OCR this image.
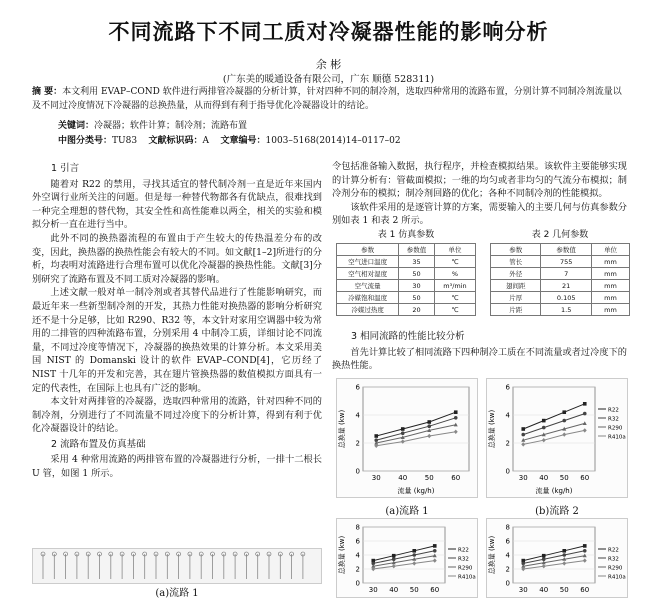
不同流路下不同工质对冷凝器性能的影响分析
余 彬
(广东美的暖通设备有限公司，广东 顺德 528311)
摘 要：本文利用 EVAP–COND 软件进行两排管冷凝器的分析计算，针对四种不同的制冷剂，选取四种常用的流路布置，分别计算不同制冷剂流量以及不同过冷度情况下冷凝器的总换热量，从而得到有利于指导优化冷凝器设计的结论。
关键词：冷凝器；软件计算；制冷剂；流路布置
中图分类号：TU83 文献标识码：A 文章编号：1003–5168(2014)14–0117–02
1 引言

随着对 R22 的禁用，寻找其适宜的替代制冷剂一直是近年来国内外空调行业所关注的问题。但是每一种替代物都各有优缺点，很难找到一种完全理想的替代物，其安全性和高性能难以两全，相关的实验和模拟分析一直在进行当中。

此外不同的换热器流程的布置由于产生较大的传热温差分布的改变，因此，换热器的换热性能会有较大的不同。如文献[1–2]所进行的分析，均表明对流路进行合理布置可以优化冷凝器的换热性能。文献[3]分别研究了流路布置及不同工质对冷凝器的影响。

上述文献一般对单一制冷剂或者其替代品进行了性能影响研究，而最近年来一些新型制冷剂的开发，其热力性能对换热器的影响分析研究还不是十分足够，比如 R290、R32 等，本文针对家用空调器中较为常用的二排管的四种流路布置，分别采用 4 中制冷工质，详细讨论不同流量，不同过冷度等情况下，冷凝器的换热效果的计算分析。本文采用美国 NIST 的 Domanski 设计的软件 EVAP–COND[4]，它历经了 NIST 十几年的开发和完善，其在翅片管换热器的数值模拟方面具有一定的代表性，在国际上也具有广泛的影响。

本文针对两排管的冷凝器，选取四种常用的流路，针对四种不同的制冷剂，分别进行了不同流量不同过冷度下的分析计算，得到有利于优化冷凝器设计的结论。

2 流路布置及仿真基础

采用 4 种常用流路的两排管布置的冷凝器进行分析，一排十二根长 U 管，如图 1 所示。

令包括准备输入数据，执行程序，并检查模拟结果。该软件主要能够实现的计算分析有：管截面模拟；一维的均匀或者非均匀的气流分布模拟；制冷剂分布的模拟；制冷剂回路的优化；各种不同制冷剂的性能模拟。

该软件采用的是逐管计算的方案，需要输入的主要几何与仿真参数分别如表 1 和表 2 所示。

表 1 仿真参数
参数	参数值	单位
空气进口温度	35	℃
空气相对湿度	50	%
空气流量	30	m³/min
冷媒饱和温度	50	℃
冷媒过热度	20	℃
表 2 几何参数
参数	参数值	单位
管长	755	mm
外径	7	mm
翅间距	21	mm
片厚	0.105	mm
片距	1.5	mm
3 相同流路的性能比较分析

首先计算比较了相同流路下四种制冷工质在不同流量或者过冷度下的换热性能。

0
2
4
6
30	40	50	60
流量 (kg/h)
总换量 (kw)
(a)流路 1
0
2
4
6
30 40 50 60
流量 (kg/h)
总换量 (kw)	R22
R32
R290
R410a
(b)流路 2
0
2
4
6
8
30 40 50 60
总换量 (kw)	R22
R32
R290
R410a
0
2
4
6
8
30 40 50 60
总换量 (kw)	R22
R32
R290
R410a
(a)流路 1
